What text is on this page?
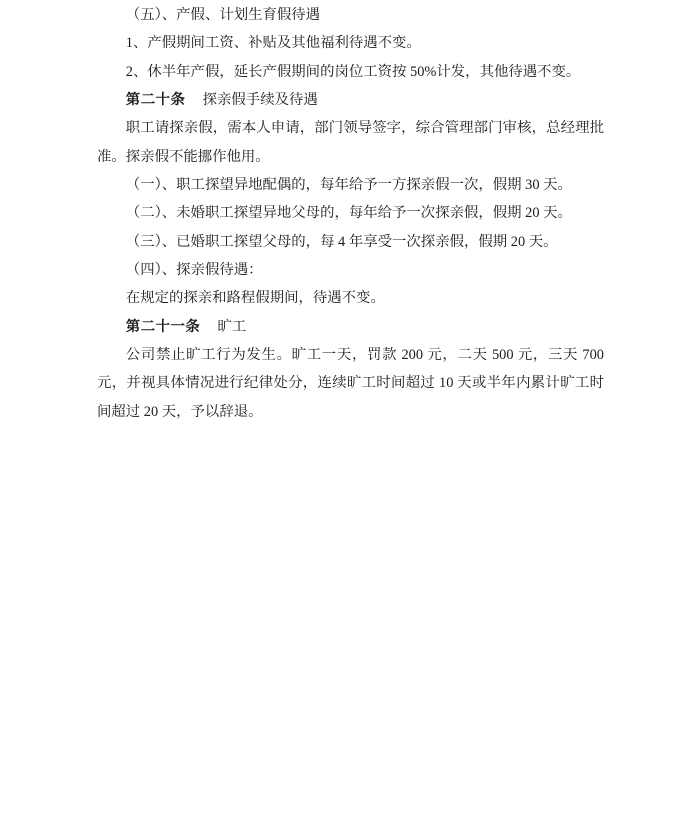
（五）、产假、计划生育假待遇

1、产假期间工资、补贴及其他福利待遇不变。

2、休半年产假，延长产假期间的岗位工资按 50%计发，其他待遇不变。

第二十条 探亲假手续及待遇

职工请探亲假，需本人申请，部门领导签字，综合管理部门审核，总经理批准。探亲假不能挪作他用。

（一）、职工探望异地配偶的，每年给予一方探亲假一次，假期 30 天。

（二）、未婚职工探望异地父母的，每年给予一次探亲假，假期 20 天。

（三）、已婚职工探望父母的，每 4 年享受一次探亲假，假期 20 天。

（四）、探亲假待遇：

在规定的探亲和路程假期间，待遇不变。

第二十一条 旷工

公司禁止旷工行为发生。旷工一天，罚款 200 元，二天 500 元，三天 700 元，并视具体情况进行纪律处分，连续旷工时间超过 10 天或半年内累计旷工时间超过 20 天，予以辞退。
